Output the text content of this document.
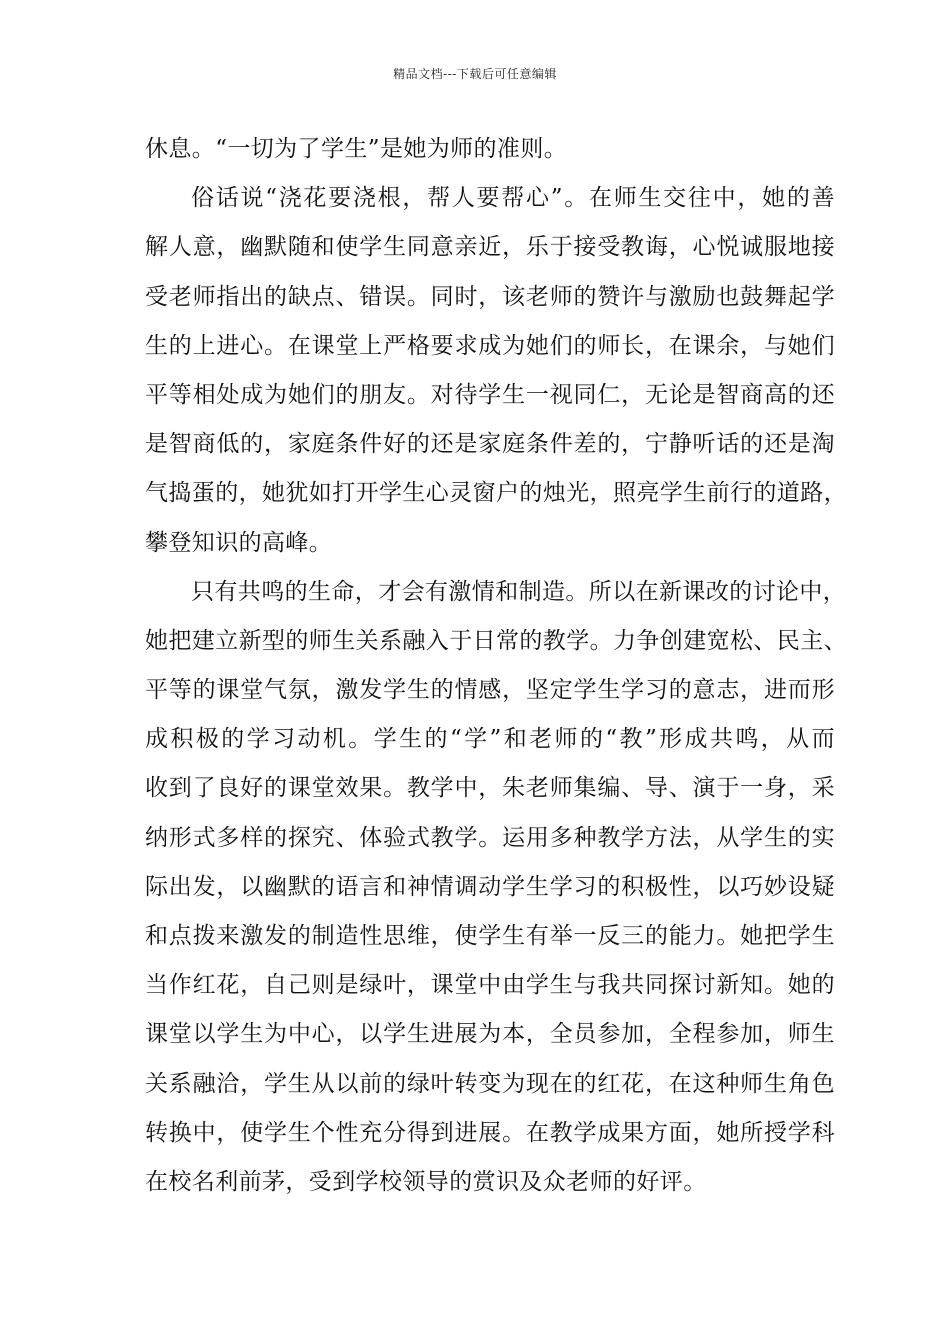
精品文档---下载后可任意编辑
休息。“一切为了学生”是她为师的准则。
俗话说“浇花要浇根，帮人要帮心”。在师生交往中，她的善
解人意，幽默随和使学生同意亲近，乐于接受教诲，心悦诚服地接
受老师指出的缺点、错误。同时，该老师的赞许与激励也鼓舞起学
生的上进心。在课堂上严格要求成为她们的师长，在课余，与她们
平等相处成为她们的朋友。对待学生一视同仁，无论是智商高的还
是智商低的，家庭条件好的还是家庭条件差的，宁静听话的还是淘
气捣蛋的，她犹如打开学生心灵窗户的烛光，照亮学生前行的道路，
攀登知识的高峰。
只有共鸣的生命，才会有激情和制造。所以在新课改的讨论中，
她把建立新型的师生关系融入于日常的教学。力争创建宽松、民主、
平等的课堂气氛，激发学生的情感，坚定学生学习的意志，进而形
成积极的学习动机。学生的“学”和老师的“教”形成共鸣，从而
收到了良好的课堂效果。教学中，朱老师集编、导、演于一身，采
纳形式多样的探究、体验式教学。运用多种教学方法，从学生的实
际出发，以幽默的语言和神情调动学生学习的积极性，以巧妙设疑
和点拨来激发的制造性思维，使学生有举一反三的能力。她把学生
当作红花，自己则是绿叶，课堂中由学生与我共同探讨新知。她的
课堂以学生为中心，以学生进展为本，全员参加，全程参加，师生
关系融洽，学生从以前的绿叶转变为现在的红花，在这种师生角色
转换中，使学生个性充分得到进展。在教学成果方面，她所授学科
在校名利前茅，受到学校领导的赏识及众老师的好评。
